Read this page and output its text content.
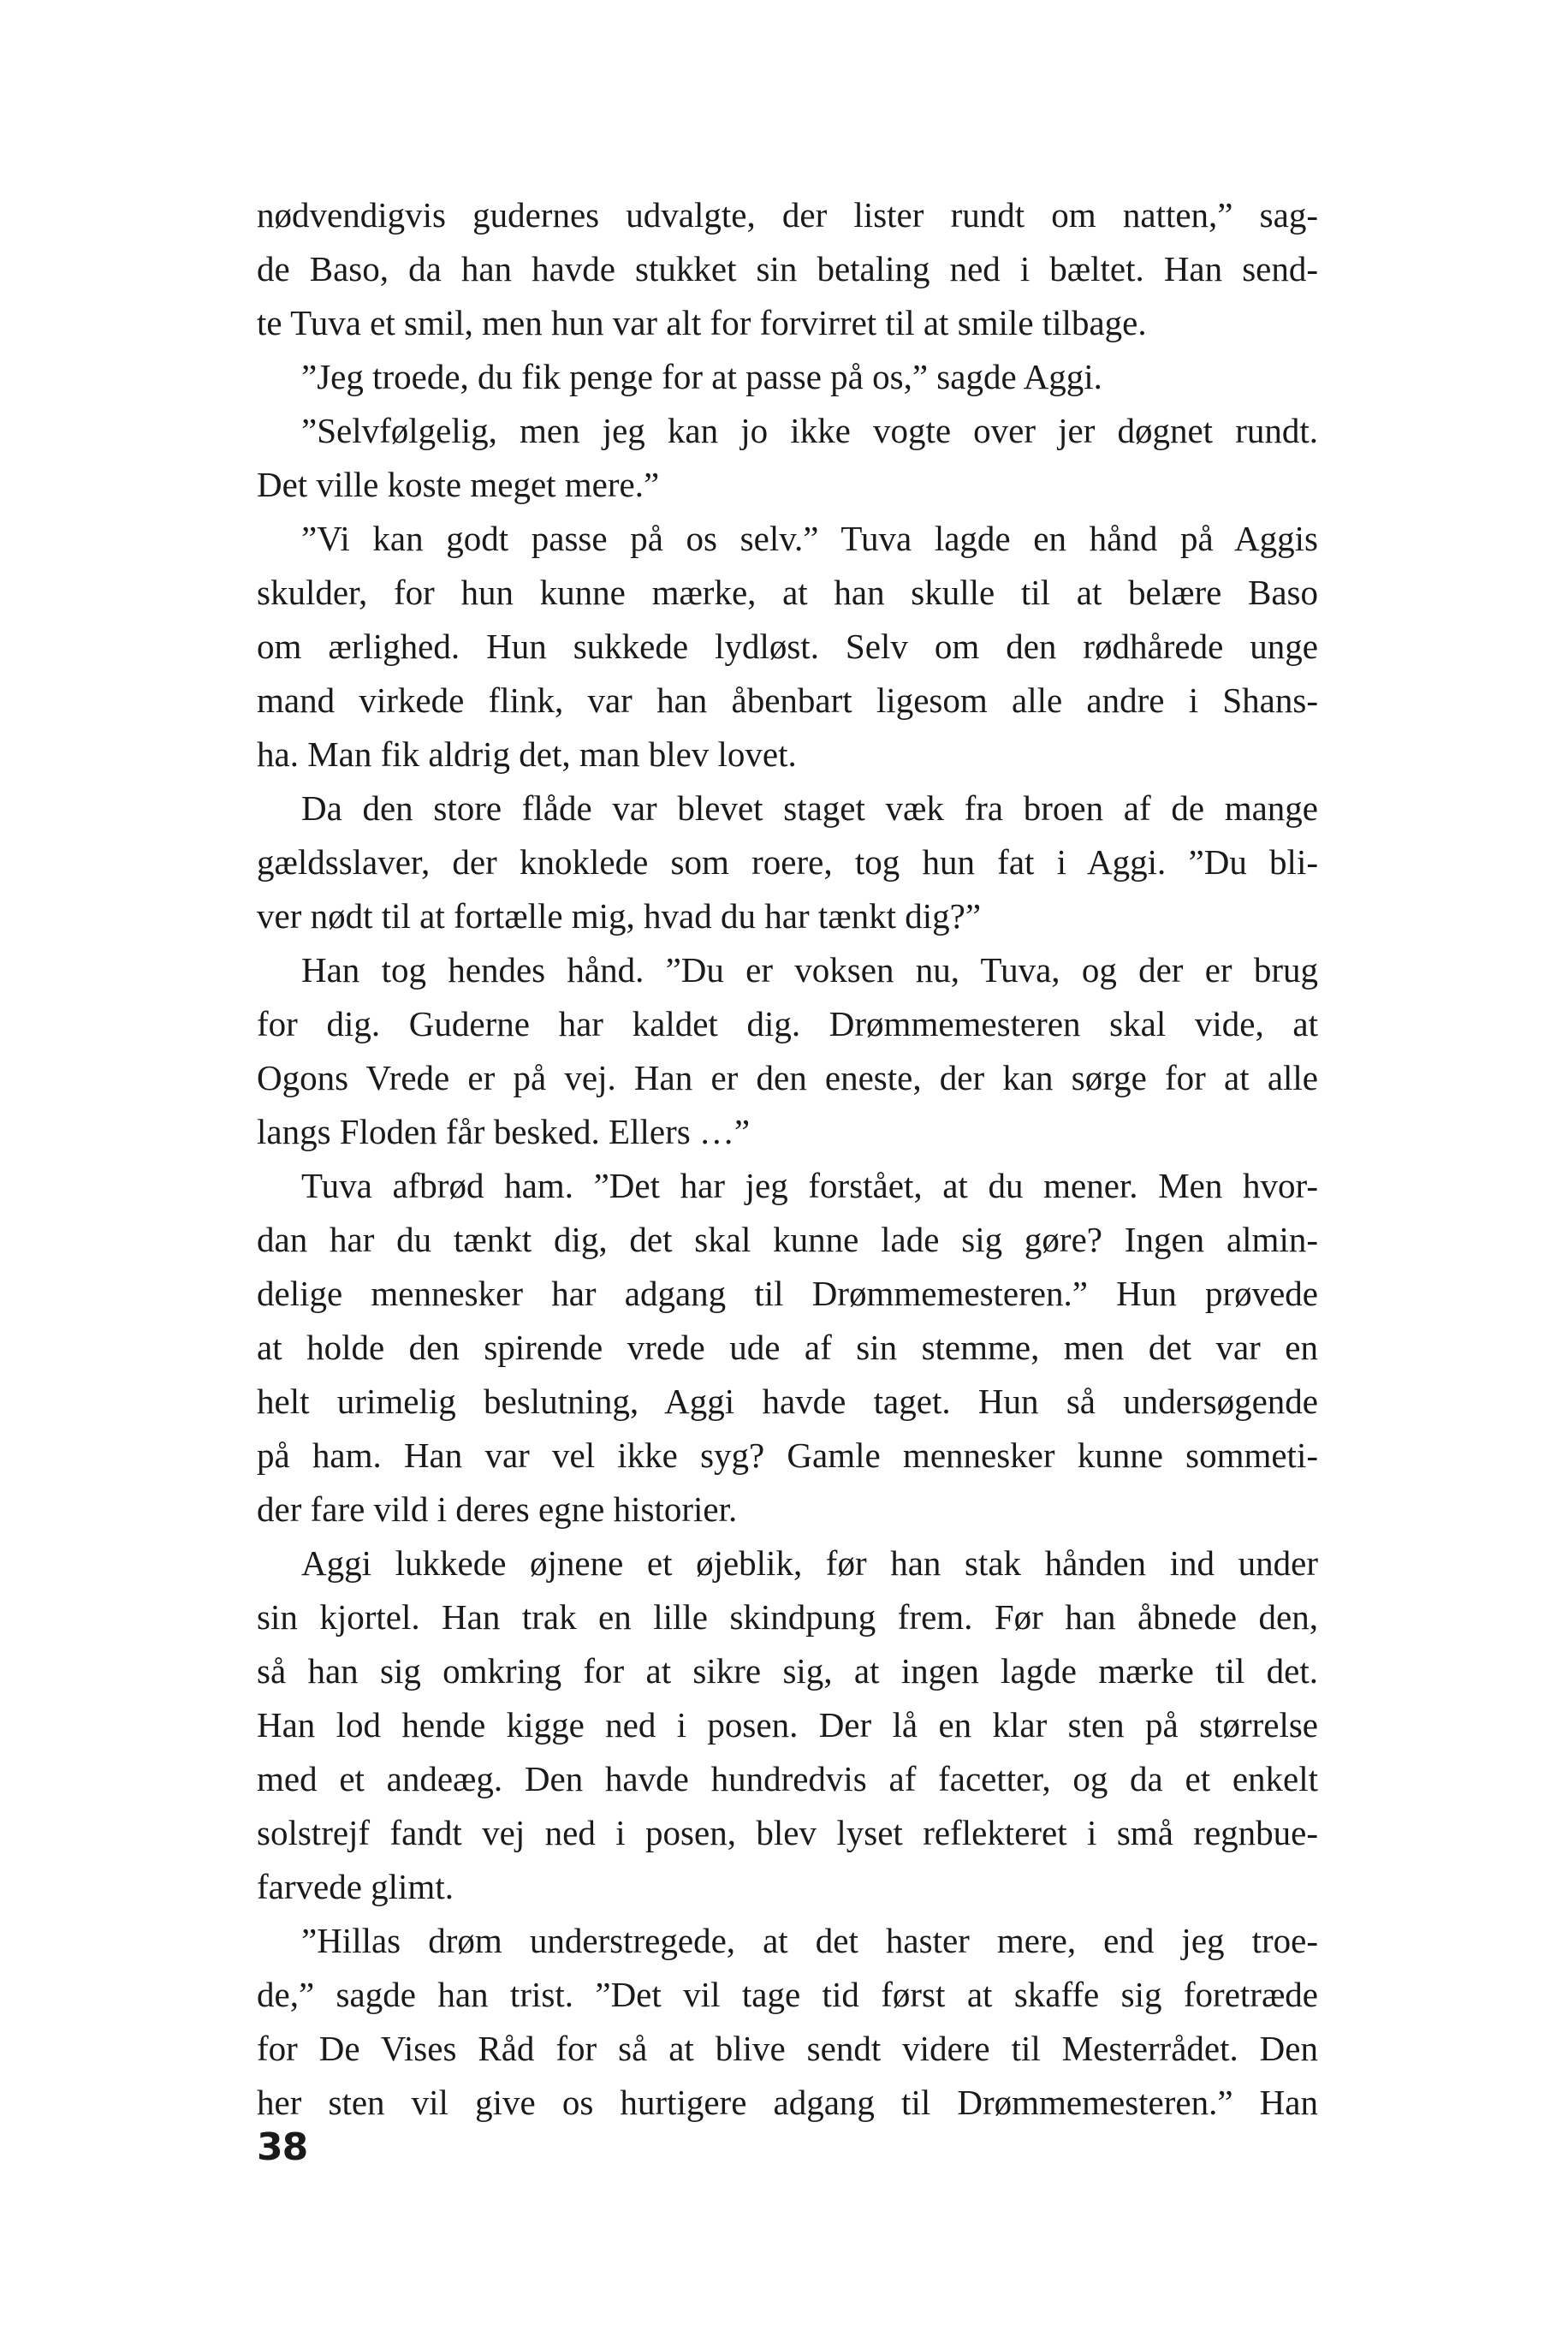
nødvendigvis gudernes udvalgte, der lister rundt om natten,” sag-
de Baso, da han havde stukket sin betaling ned i bæltet. Han send-
te Tuva et smil, men hun var alt for forvirret til at smile tilbage.
”Jeg troede, du fik penge for at passe på os,” sagde Aggi.
”Selvfølgelig, men jeg kan jo ikke vogte over jer døgnet rundt.
Det ville koste meget mere.”
”Vi kan godt passe på os selv.” Tuva lagde en hånd på Aggis
skulder, for hun kunne mærke, at han skulle til at belære Baso
om ærlighed. Hun sukkede lydløst. Selv om den rødhårede unge
mand virkede flink, var han åbenbart ligesom alle andre i Shans-
ha. Man fik aldrig det, man blev lovet.
Da den store flåde var blevet staget væk fra broen af de mange
gældsslaver, der knoklede som roere, tog hun fat i Aggi. ”Du bli-
ver nødt til at fortælle mig, hvad du har tænkt dig?”
Han tog hendes hånd. ”Du er voksen nu, Tuva, og der er brug
for dig. Guderne har kaldet dig. Drømmemesteren skal vide, at
Ogons Vrede er på vej. Han er den eneste, der kan sørge for at alle
langs Floden får besked. Ellers …”
Tuva afbrød ham. ”Det har jeg forstået, at du mener. Men hvor-
dan har du tænkt dig, det skal kunne lade sig gøre? Ingen almin-
delige mennesker har adgang til Drømmemesteren.” Hun prøvede
at holde den spirende vrede ude af sin stemme, men det var en
helt urimelig beslutning, Aggi havde taget. Hun så undersøgende
på ham. Han var vel ikke syg? Gamle mennesker kunne sommeti-
der fare vild i deres egne historier.
Aggi lukkede øjnene et øjeblik, før han stak hånden ind under
sin kjortel. Han trak en lille skindpung frem. Før han åbnede den,
så han sig omkring for at sikre sig, at ingen lagde mærke til det.
Han lod hende kigge ned i posen. Der lå en klar sten på størrelse
med et andeæg. Den havde hundredvis af facetter, og da et enkelt
solstrejf fandt vej ned i posen, blev lyset reflekteret i små regnbue-
farvede glimt.
”Hillas drøm understregede, at det haster mere, end jeg troe-
de,” sagde han trist. ”Det vil tage tid først at skaffe sig foretræde
for De Vises Råd for så at blive sendt videre til Mesterrådet. Den
her sten vil give os hurtigere adgang til Drømmemesteren.” Han
38
